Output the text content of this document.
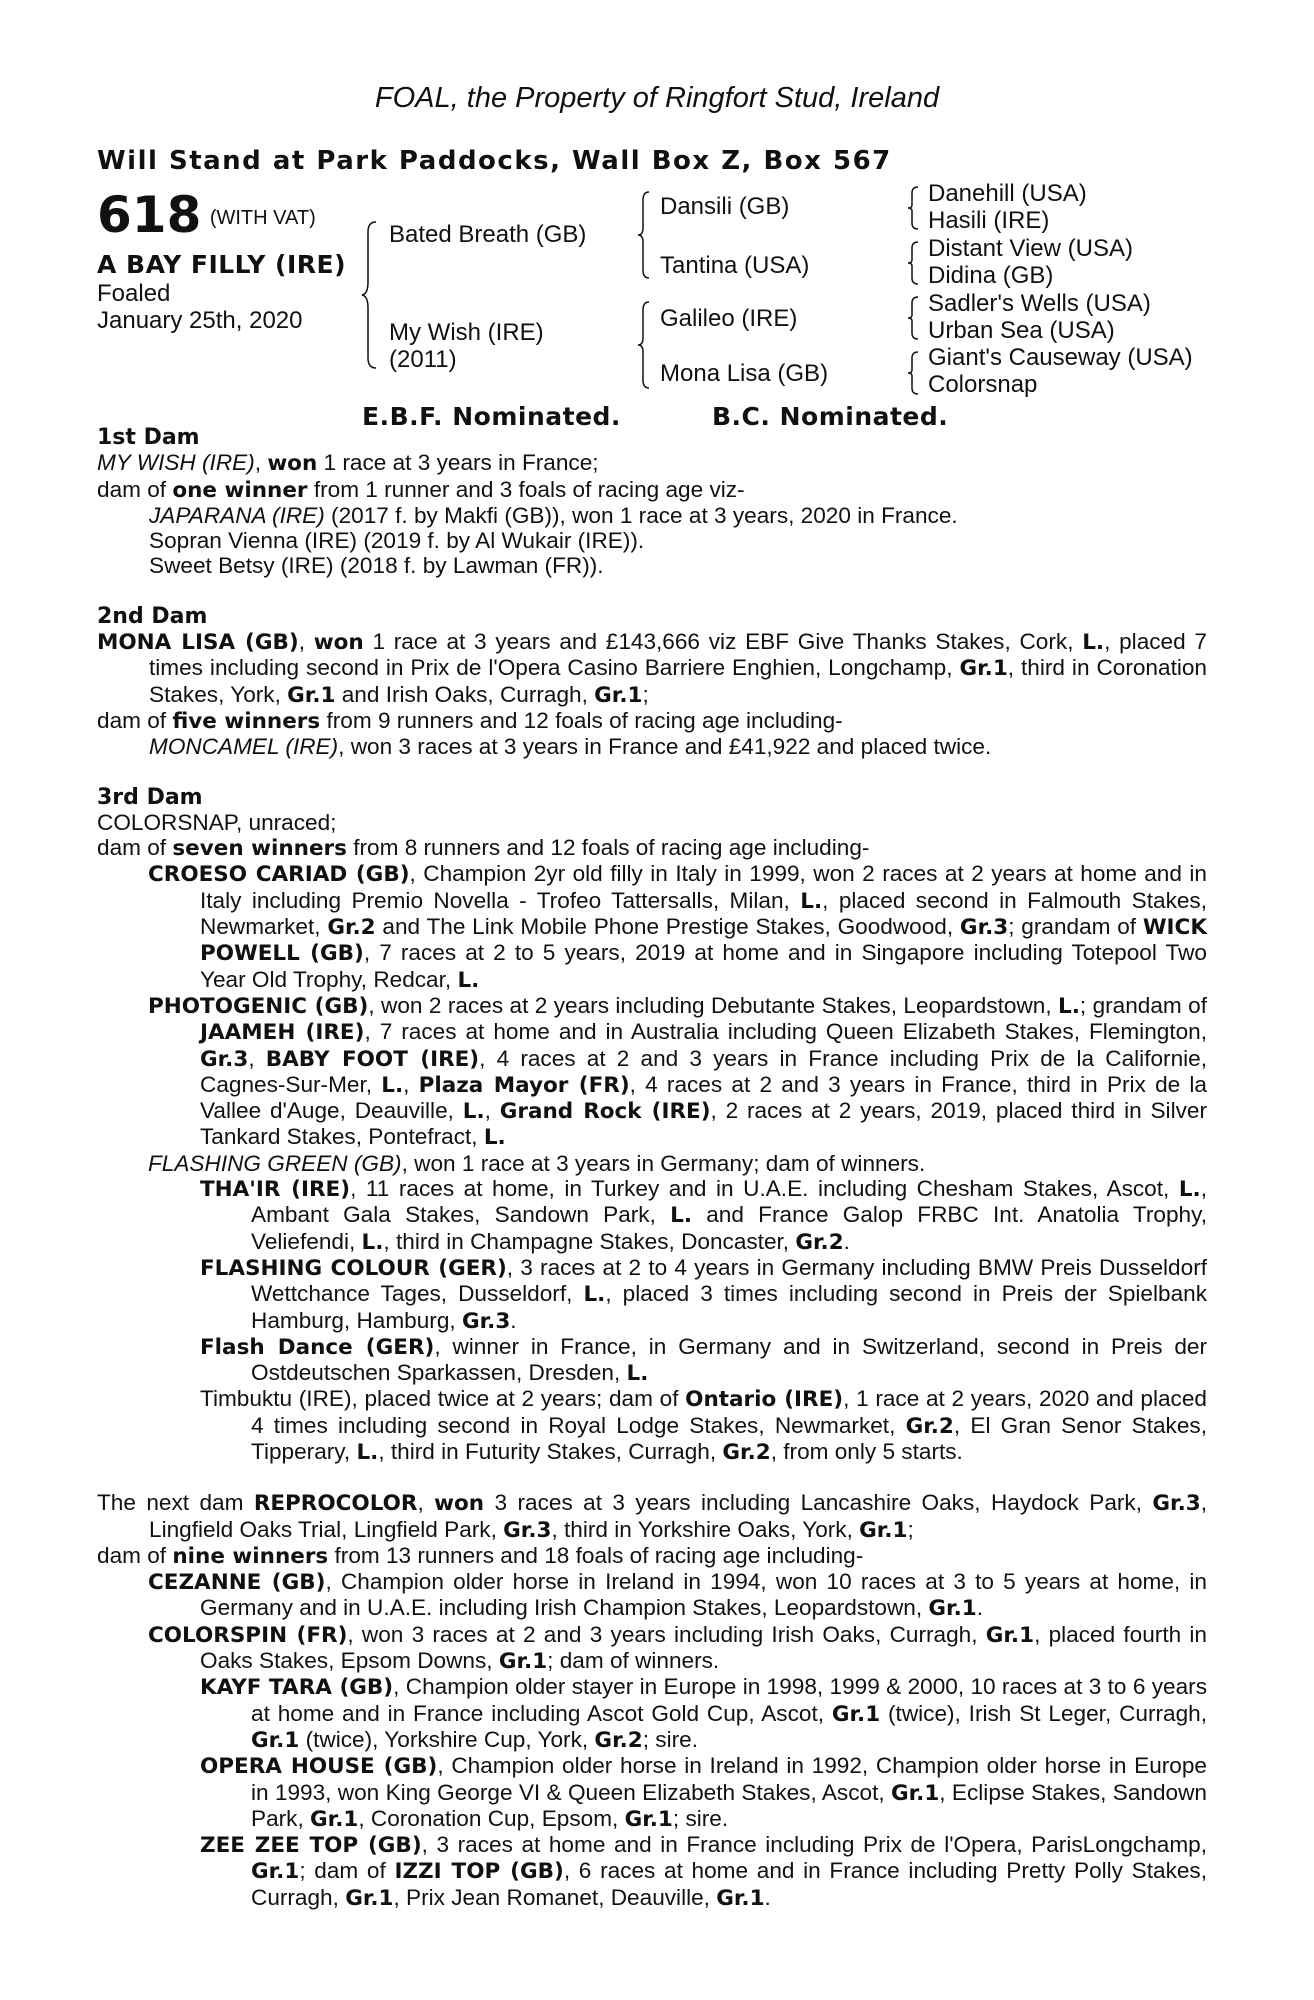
FOAL, the Property of Ringfort Stud, Ireland
Will Stand at Park Paddocks, Wall Box Z, Box 567
618 (WITH VAT)
A BAY FILLY (IRE)
Foaled
January 25th, 2020
Bated Breath (GB)
My Wish (IRE)
(2011)
Dansili (GB)
Tantina (USA)
Galileo (IRE)
Mona Lisa (GB)
Danehill (USA)
Hasili (IRE)
Distant View (USA)
Didina (GB)
Sadler's Wells (USA)
Urban Sea (USA)
Giant's Causeway (USA)
Colorsnap
E.B.F. Nominated.	B.C. Nominated.

1st Dam

MY WISH (IRE), won 1 race at 3 years in France;

dam of one winner from 1 runner and 3 foals of racing age viz-

JAPARANA (IRE) (2017 f. by Makfi (GB)), won 1 race at 3 years, 2020 in France.

Sopran Vienna (IRE) (2019 f. by Al Wukair (IRE)).

Sweet Betsy (IRE) (2018 f. by Lawman (FR)).

2nd Dam

MONA LISA (GB), won 1 race at 3 years and £143,666 viz EBF Give Thanks Stakes, Cork, L., placed 7 times including second in Prix de l'Opera Casino Barriere Enghien, Longchamp, Gr.1, third in Coronation Stakes, York, Gr.1 and Irish Oaks, Curragh, Gr.1;

dam of five winners from 9 runners and 12 foals of racing age including-

MONCAMEL (IRE), won 3 races at 3 years in France and £41,922 and placed twice.

3rd Dam

COLORSNAP, unraced;

dam of seven winners from 8 runners and 12 foals of racing age including-

CROESO CARIAD (GB), Champion 2yr old filly in Italy in 1999, won 2 races at 2 years at home and in Italy including Premio Novella - Trofeo Tattersalls, Milan, L., placed second in Falmouth Stakes, Newmarket, Gr.2 and The Link Mobile Phone Prestige Stakes, Goodwood, Gr.3; grandam of WICK POWELL (GB), 7 races at 2 to 5 years, 2019 at home and in Singapore including Totepool Two Year Old Trophy, Redcar, L.

PHOTOGENIC (GB), won 2 races at 2 years including Debutante Stakes, Leopardstown, L.; grandam of JAAMEH (IRE), 7 races at home and in Australia including Queen Elizabeth Stakes, Flemington, Gr.3, BABY FOOT (IRE), 4 races at 2 and 3 years in France including Prix de la Californie, Cagnes-Sur-Mer, L., Plaza Mayor (FR), 4 races at 2 and 3 years in France, third in Prix de la Vallee d'Auge, Deauville, L., Grand Rock (IRE), 2 races at 2 years, 2019, placed third in Silver Tankard Stakes, Pontefract, L.

FLASHING GREEN (GB), won 1 race at 3 years in Germany; dam of winners.

THA'IR (IRE), 11 races at home, in Turkey and in U.A.E. including Chesham Stakes, Ascot, L., Ambant Gala Stakes, Sandown Park, L. and France Galop FRBC Int. Anatolia Trophy, Veliefendi, L., third in Champagne Stakes, Doncaster, Gr.2.

FLASHING COLOUR (GER), 3 races at 2 to 4 years in Germany including BMW Preis Dusseldorf Wettchance Tages, Dusseldorf, L., placed 3 times including second in Preis der Spielbank Hamburg, Hamburg, Gr.3.

Flash Dance (GER), winner in France, in Germany and in Switzerland, second in Preis der Ostdeutschen Sparkassen, Dresden, L.

Timbuktu (IRE), placed twice at 2 years; dam of Ontario (IRE), 1 race at 2 years, 2020 and placed 4 times including second in Royal Lodge Stakes, Newmarket, Gr.2, El Gran Senor Stakes, Tipperary, L., third in Futurity Stakes, Curragh, Gr.2, from only 5 starts.

The next dam REPROCOLOR, won 3 races at 3 years including Lancashire Oaks, Haydock Park, Gr.3, Lingfield Oaks Trial, Lingfield Park, Gr.3, third in Yorkshire Oaks, York, Gr.1;

dam of nine winners from 13 runners and 18 foals of racing age including-

CEZANNE (GB), Champion older horse in Ireland in 1994, won 10 races at 3 to 5 years at home, in Germany and in U.A.E. including Irish Champion Stakes, Leopardstown, Gr.1.

COLORSPIN (FR), won 3 races at 2 and 3 years including Irish Oaks, Curragh, Gr.1, placed fourth in Oaks Stakes, Epsom Downs, Gr.1; dam of winners.

KAYF TARA (GB), Champion older stayer in Europe in 1998, 1999 & 2000, 10 races at 3 to 6 years at home and in France including Ascot Gold Cup, Ascot, Gr.1 (twice), Irish St Leger, Curragh, Gr.1 (twice), Yorkshire Cup, York, Gr.2; sire.

OPERA HOUSE (GB), Champion older horse in Ireland in 1992, Champion older horse in Europe in 1993, won King George VI & Queen Elizabeth Stakes, Ascot, Gr.1, Eclipse Stakes, Sandown Park, Gr.1, Coronation Cup, Epsom, Gr.1; sire.

ZEE ZEE TOP (GB), 3 races at home and in France including Prix de l'Opera, ParisLongchamp, Gr.1; dam of IZZI TOP (GB), 6 races at home and in France including Pretty Polly Stakes, Curragh, Gr.1, Prix Jean Romanet, Deauville, Gr.1.
